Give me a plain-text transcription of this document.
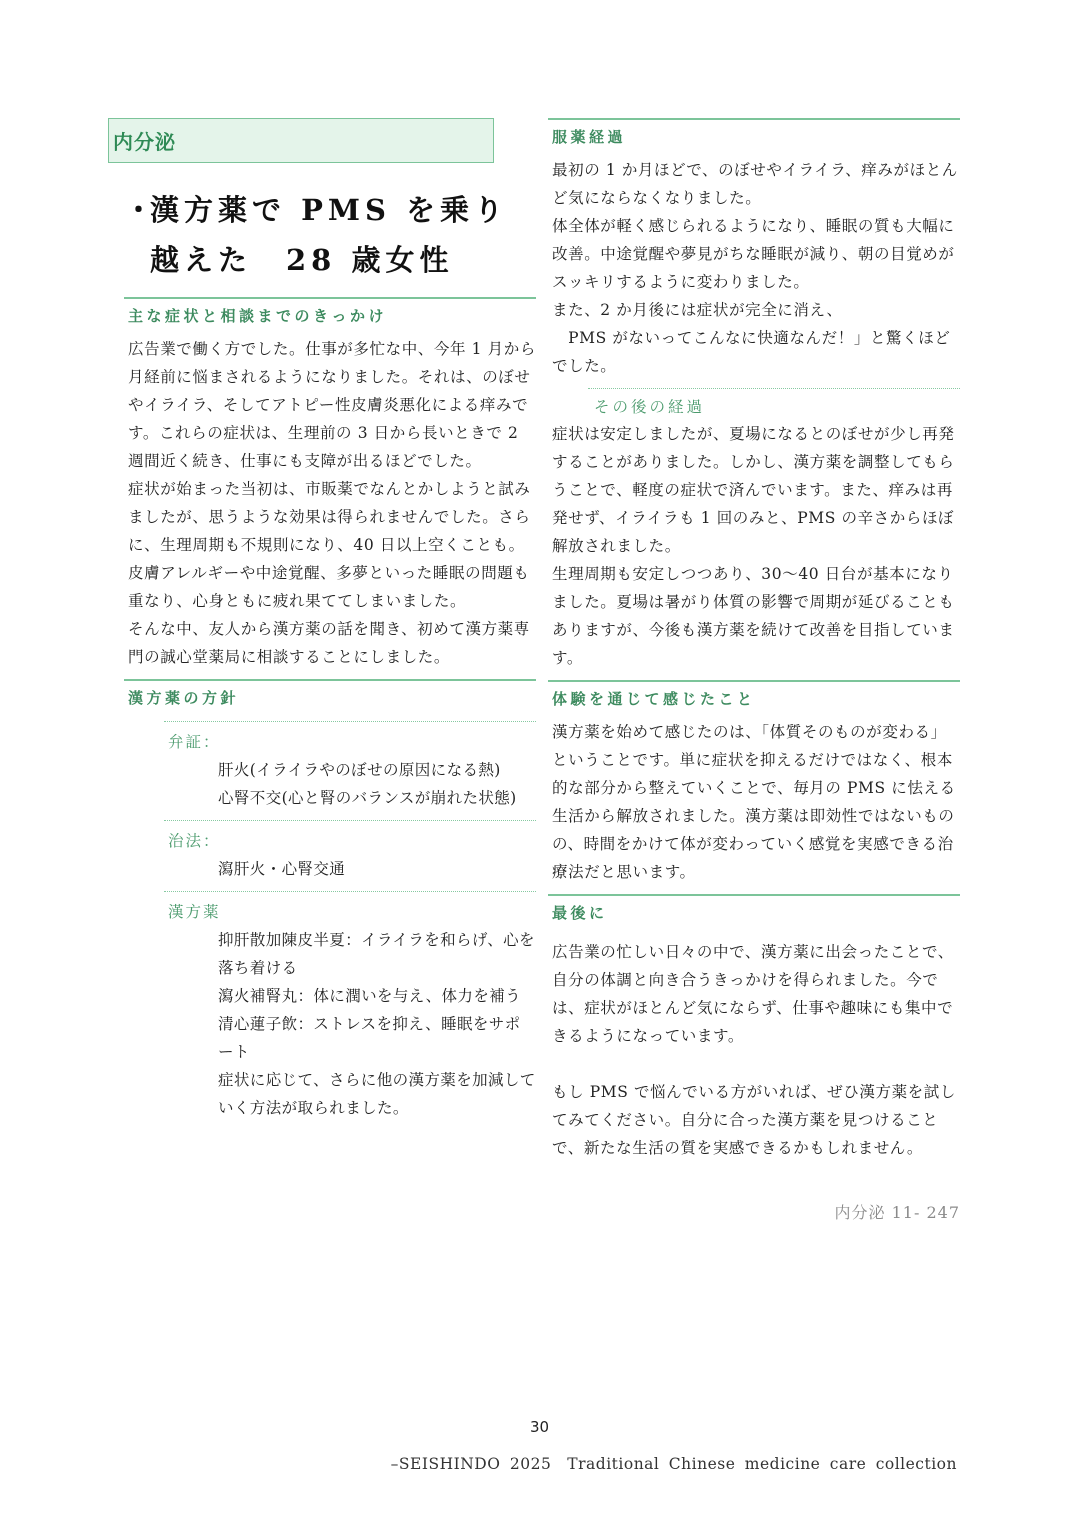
内分泌
・
漢方薬で PMS を乗り越えた　28 歳女性
主な症状と相談までのきっかけ
広告業で働く方でした。仕事が多忙な中、今年 1 月から月経前に悩まされるようになりました。それは、のぼせやイライラ、そしてアトピー性皮膚炎悪化による痒みです。これらの症状は、生理前の 3 日から長いときで 2 週間近く続き、仕事にも支障が出るほどでした。
症状が始まった当初は、市販薬でなんとかしようと試みましたが、思うような効果は得られませんでした。さらに、生理周期も不規則になり、40 日以上空くことも。皮膚アレルギーや中途覚醒、多夢といった睡眠の問題も重なり、心身ともに疲れ果ててしまいました。
そんな中、友人から漢方薬の話を聞き、初めて漢方薬専門の誠心堂薬局に相談することにしました。
漢方薬の方針
弁証：
肝火(イライラやのぼせの原因になる熱)
心腎不交(心と腎のバランスが崩れた状態)
治法：
瀉肝火・心腎交通
漢方薬
抑肝散加陳皮半夏：イライラを和らげ、心を落ち着ける
瀉火補腎丸：体に潤いを与え、体力を補う
清心蓮子飲：ストレスを抑え、睡眠をサポート
症状に応じて、さらに他の漢方薬を加減していく方法が取られました。
服薬経過
最初の 1 か月ほどで、のぼせやイライラ、痒みがほとんど気にならなくなりました。
体全体が軽く感じられるようになり、睡眠の質も大幅に改善。中途覚醒や夢見がちな睡眠が減り、朝の目覚めがスッキリするように変わりました。
また、2 か月後には症状が完全に消え、
　PMS がないってこんなに快適なんだ！」と驚くほどでした。
その後の経過
症状は安定しましたが、夏場になるとのぼせが少し再発することがありました。しかし、漢方薬を調整してもらうことで、軽度の症状で済んでいます。また、痒みは再発せず、イライラも 1 回のみと、PMS の辛さからほぼ解放されました。
生理周期も安定しつつあり、30〜40 日台が基本になりました。夏場は暑がり体質の影響で周期が延びることもありますが、今後も漢方薬を続けて改善を目指しています。
体験を通じて感じたこと
漢方薬を始めて感じたのは、「体質そのものが変わる」ということです。単に症状を抑えるだけではなく、根本的な部分から整えていくことで、毎月の PMS に怯える生活から解放されました。漢方薬は即効性ではないものの、時間をかけて体が変わっていく感覚を実感できる治療法だと思います。
最後に
広告業の忙しい日々の中で、漢方薬に出会ったことで、自分の体調と向き合うきっかけを得られました。今では、症状がほとんど気にならず、仕事や趣味にも集中できるようになっています。
もし PMS で悩んでいる方がいれば、ぜひ漢方薬を試してみてください。自分に合った漢方薬を見つけることで、新たな生活の質を実感できるかもしれません。
内分泌 11- 247
30
–SEISHINDO 2025　Traditional Chinese medicine care collection
